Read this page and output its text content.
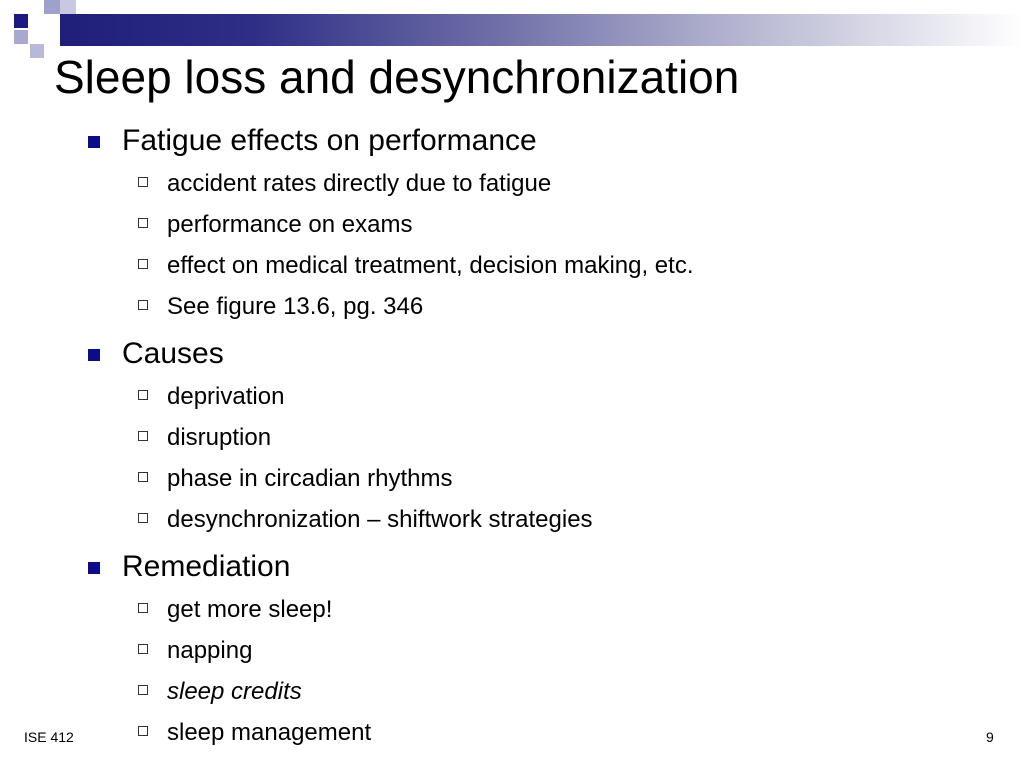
Sleep loss and desynchronization
Fatigue effects on performance
accident rates directly due to fatigue
performance on exams
effect on medical treatment, decision making, etc.
See figure 13.6, pg. 346
Causes
deprivation
disruption
phase in circadian rhythms
desynchronization – shiftwork strategies
Remediation
get more sleep!
napping
sleep credits
sleep management
ISE 412	9
